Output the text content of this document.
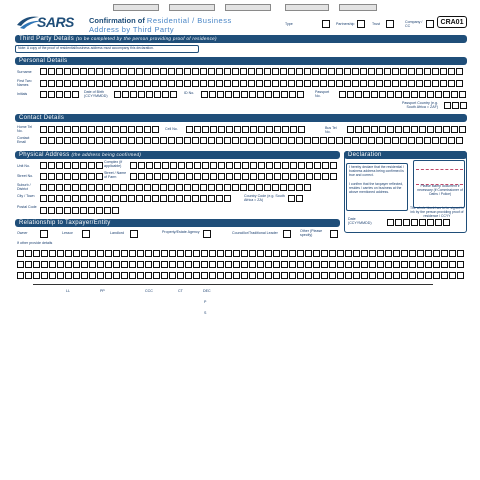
SARS Confirmation of Residential / Business
Address by Third Party
Type	Partnership	Trust	Company / CC	CRA01
Third Party Details (to be completed by the person providing proof of residence)
Note: A copy of the proof of residential/business address must accompany this declaration.
Personal Details
Surname
First Two Names
Initials	Date of Birth (CCYYMMDD)
ID No.	Passport No.
Passport Country (e.g. South Africa = ZAF)
Contact Details
Home Tel No.	Cell No.	Bus Tel No.
Contact Email
Physical Address (the address being confirmed)
Unit No.
Complex (if applicable)
Street No.
Street / Name of Farm
Suburb / District
City / Town	Country Code (e.g. South Africa = ZA)
Postal Code
Declaration
I hereby declare that the residential / business address being confirmed is true and correct.
I confirm that the taxpayer reflected, resides / carries on business at the above mentioned address.
Please stamp document if necessary (if Commissioner of Oaths / Police)
The whole block has to be signed in ink by the person providing proof of residence / CCYY
Date (CCYYMMDD)
Relationship to Taxpayer/Entity
Owner	Lessor	Landlord	Property/Estate Agency	Councillor/Traditional Leader	Other (Please specify)
If other provide details
LL	PP	CCC	CT	DEC
P
S
